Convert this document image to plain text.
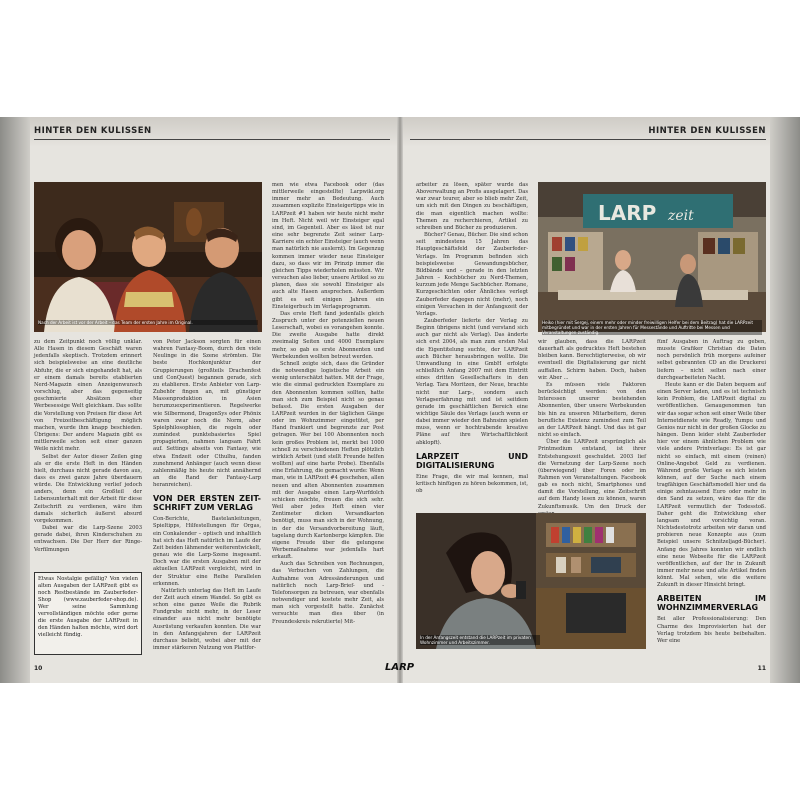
HINTER DEN KULISSEN	HINTER DEN KULISSEN
Nach der Arbeit ist vor der Arbeit – das Team der ersten Jahre im Original.

zu dem Zeitpunkt noch völlig unklar. Alle Hasen in diesem Geschäft waren jedenfalls skeptisch. Trotzdem erinnert sich beispielsweise an eine deutliche Abfuhr, die er sich eingehandelt hat, als er einem damals bereits etablierten Nerd-Magazin einen Anzeigenwunsch vorschlug, aber das gegenseitig geschmierte Absätzen eher Werbesessige Welt gleichkam. Das sollte die Vorstellung von Preisen für diese Art von Freizeitbeschäftigung möglich machen, wurde ihm knapp beschieden. Übrigens: Der andere Magazin gibt es mittlerweile schon seit einer ganzen Weile nicht mehr.

Selbst der Autor dieser Zeilen ging als er die erste Heft in den Händen hielt, durchaus nicht gerade davon aus, dass es zwei ganze Jahre überdauern würde. Die Entwicklung verlief jedoch anders, denn ein Großteil der Lebensunterhalt mit der Arbeit für diese Zeitschrift zu verdienen, wäre ihm damals sicherlich äußerst absurd vorgekommen.

Dabei war die Larp-Szene 2003 gerade dabei, ihren Kinderschuhen zu entwachsen. Die Der Herr der Ringe-Verfilmungen

Etwas Nostalgie gefällig? Von vielen alten Ausgaben der LARPzeit gibt es noch Restbestände im Zauberfeder-Shop (www.zauberfeder-shop.de). Wer seine Sammlung vervollständigen möchte oder gerne die erste Ausgabe der LARPzeit in den Händen halten möchte, wird dort vielleicht fündig.

von Peter Jackson sorgten für einen wahren Fantasy-Boom, durch den viele Neulinge in die Szene strömten. Die beste Hochkonjunktur der Gruppierungen (großteils Drachenfest und ConQuest) begannen gerade, sich zu etablieren. Erste Anbieter von Larp-Zubehör fingen an, mit günstiger Massenproduktion in Asien herumzuexperimentieren. Regelwerke wie Silbermond, DragonSys oder Phönix waren zwar noch die Norm, aber Spielphilosophien, die regeln oder zumindest punktebasiertes Spiel propagierten, nahmen langsam Fahrt auf. Settings abseits von Fantasy, wie etwa Endzeit oder Cthulhu, fanden zunehmend Anhänger (auch wenn diese zahlenmäßig bis heute nicht annähernd an die Rand der Fantasy-Larp heranreichen).

VON DER ERSTEN ZEIT-SCHRIFT ZUM VERLAG

Con-Berichte, Bastelanleitungen, Spieltipps, Hilfestellungen für Orgas, ein Conkalender – optisch und inhaltlich hat sich das Heft natürlich im Laufe der Zeit beiden lähmender weiterentwickelt, genau wie die Larp-Szene insgesamt. Doch war die ersten Ausgaben mit der aktuellen LARPzeit vergleicht, wird in der Struktur eine Reihe Parallelen erkennen.

Natürlich unterlag das Heft im Laufe der Zeit auch einem Wandel. So gibt es schon eine ganze Weile die Rubrik Fundgrube nicht mehr, in der Leser einander aus nicht mehr benötigte Ausrüstung verkaufen konnten. Die war in den Anfangsjahren der LARPzeit durchaus beliebt, wobei aber mit der immer stärkeren Nutzung von Plattfor-

men wie etwa Facebook oder (das mittlerweile eingestellte) Larpwiki.org immer mehr an Bedeutung. Auch zusammen explizite Einsteigertipps wie in LARPzeit #1 haben wir heute nicht mehr im Heft. Nicht weil wir Einsteiger egal sind, im Gegenteil. Aber es lässt ist nur eine sehr begrenzte Zeit seiner Larp-Karriere ein echter Einsteiger (auch wenn man natürlich nie auslernt). Im Gegenzug kommen immer wieder neue Einsteiger dazu, so dass wir im Prinzip immer die gleichen Tipps wiederholen müssten. Wir versuchen also lieber, unsere Artikel so zu planen, dass sie sowohl Einsteiger als auch alte Hasen ansprechen. Außerdem gibt es seit einigen Jahren ein Einsteigerbuch im Verlagsprogramm.

Das erste Heft fand jedenfalls gleich Zuspruch unter der potenziellen neuen Leserschaft, wobei es vorangehen konnte. Die zweite Ausgabe hatte direkt zweimalig Seiten und 4000 Exemplare mehr, so gab es erste Abonnenten und Werbekunden wollten betreut werden.

Schnell zeigte sich, dass die Gründer die notwendige logistische Arbeit ein wenig unterschätzt hatten. Mit der Frage, wie die einmal gedruckten Exemplare zu den Abonnenten kommen sollten, hatte man sich zum Beispiel nicht so genau befasst. Die ersten Ausgaben der LARPzeit wurden in der täglichen Gänge oder im Wohnzimmer eingetütet, per Hand frankiert und begrenzte zur Post getragen. Wer bei 100 Abonnenten noch kein großes Problem ist, merkt bei 1000 schnell zu verschiedenen Heften plötzlich wirklich Arbeit (und stellt Freunde helfen wollten) auf eine harte Probe). Ebenfalls eine Erfahrung, die gemacht wurde: Wenn man, wie in LARPzeit #4 geschehen, allen neuen und alten Abonnenten zusammen mit der Ausgabe einen Larp-Wurfdolch schicken möchte, freuen die sich sehr. Weil aber jedes Heft einen vier Zentimeter dicken Versandkarton benötigt, muss man sich in der Wohnung, in der die Versandvorbereitung läuft, tagelang durch Kartonberge kämpfen. Die eigene Freude über die gelungene Werbemaßnahme war jedenfalls hart erkauft.

Auch das Schreiben von Rechnungen, das Verbuchen von Zahlungen, die Aufnahme von Adressänderungen und natürlich noch Larp-Brief- und -Telefonsorgen zu betreuen, war ebenfalls notwendiger und kostete mehr Zeit, als man sich vorgestellt hatte. Zunächst versuchte man dies über (in Freundeskreis rekrutierte) Mit-

arbeiter zu lösen, später wurde das Aboverwaltung an Profis ausgelagert. Das war zwar teurer, aber so blieb mehr Zeit, um sich mit den Dingen zu beschäftigen, die man eigentlich machen wollte: Themen zu recherchieren, Artikel zu schreiben und Bücher zu produzieren.

Bücher? Genau, Bücher. Die sind schon seit mindestens 15 Jahren das Hauptgeschäftsfeld der Zauberfeder-Verlags. Im Programm befinden sich beispielsweise Gewandungsbücher, Bildbände und – gerade in den letzten Jahren – Kochbücher zu Nerd-Themen, kurzum jede Menge Sachbücher. Romane, Kurzgeschichten oder Ähnliches verlegt Zauberfeder dagegen nicht (mehr), noch einigen Versuchen in der Anfangszeit der Verlags.

Zauberfeder lieferte der Verlag zu Beginn übrigens nicht (und verstand sich auch gar nicht als Verlag). Das änderte sich erst 2004, als man zum ersten Mal die Eigentitelung suchte, der LARPzeit auch Bücher herausbringen wollte. Die Umwandlung in eine GmbH erfolgte schließlich Anfang 2007 mit dem Eintritt eines dritten Gesellschafters in den Verlag. Tara Moritzen, der Neue, brachte nicht nur Larp-, sondern auch Verlagserfahrung mit und ist seitdem gerade im geschäftlichen Bereich eine wichtige Säule des Verlags (auch wenn er dabei immer wieder den Bahnsinn spielen muss, wenn er hochtrabende kreative Pläne auf ihre Wirtschaftlichkeit abklopft).

LARPZEIT UND DIGITALISIERUNG

Eine Frage, die wir mal kennen, mal kritisch hinfügen zu hören bekommen, ist, ob

LARP zeit
Heiko (hier mit Sergej, einem mehr oder minder freiwilligen Helfer bei dem Beitrag) hat die LARPzeit mitbegründet und war in der ersten Jahren für Messestände und Auftritte bei Messen und Veranstaltungen zuständig.

wir glauben, dass die LARPzeit dauerhaft als gedrucktes Heft bestehen bleiben kann. Berechtigterweise, ob wir eventuell die Digitalisierung gar nicht auffallen. Schirm haben. Doch, haben wir. Aber ...

Es müssen viele Faktoren berücksichtigt werden: von den Interessen unserer bestehenden Abonnenten, über unsere Werbekunden bis hin zu unseren Mitarbeitern, deren berufliche Existenz zumindest zum Teil an der LARPzeit hängt. Und das ist gar nicht so einfach.

Über die LARPzeit ursprünglich als Printmedium entstand, ist ihrer Entstehungszeit geschuldet. 2003 lief die Vernetzung der Larp-Szene noch (überwiegend) über Foren oder im Rahmen von Veranstaltungen. Facebook gab es noch nicht, Smartphones und damit die Vorstellung, eine Zeitschrift auf dem Handy lesen zu können, waren Zukunftsmusik. Um den Druck der

fünf Ausgaben in Auftrag zu geben, musste Grafiker Christian die Daten noch persönlich früh morgens aufeiner selbst gebrannten CD an die Druckerei liefern – nicht selten nach einer durchgearbeiteten Nacht.

Heute kann er die Daten bequem auf einen Server laden, und es ist technisch kein Problem, die LARPzeit digital zu veröffentlichen. Genaugenommen tun wir das sogar schon seit einer Weile über Internetdienste wie Readly, Yumpu und Genios nur nicht in der großen Glocke zu hängen. Denn leider steht Zauberfeder hier vor einem ähnlichen Problem wie viele andere Printverlage: Es ist gar nicht so einfach, mit einem (reinen) Online-Angebot Geld zu verdienen. Während große Verlage es sich leisten können, auf der Suche nach einem tragfähigen Geschäftsmodell hier und da einige zehntausend Euro oder mehr in den Sand zu setzen, wäre das für die LARPzeit vermutlich der Todesstoß. Daher geht die Entwicklung eher langsam und vorsichtig voran. Nichtsdestotrotz arbeiten wir daran und probieren neue Konzepte aus (zum Beispiel unsere Schnitzeljagd-Bücher). Anfang des Jahres konnten wir endlich eine neue Webseite für die LARPzeit veröffentlichen, auf der Ihr in Zukunft immer mehr neue und alte Artikel finden könnt. Mal sehen, wie die weitere Zukunft in dieser Hinsicht bringt.

ARBEITEN IM WOHNZIMMERVERLAG

Bei aller Professionalisierung: Den Charme des Improvisierten hat der Verlag trotzdem bis heute beibehalten. Wer eine

In der Anfangszeit entstand die LARPzeit im privaten Wohnzimmer und Arbeitszimmer.
10	LARP	11
